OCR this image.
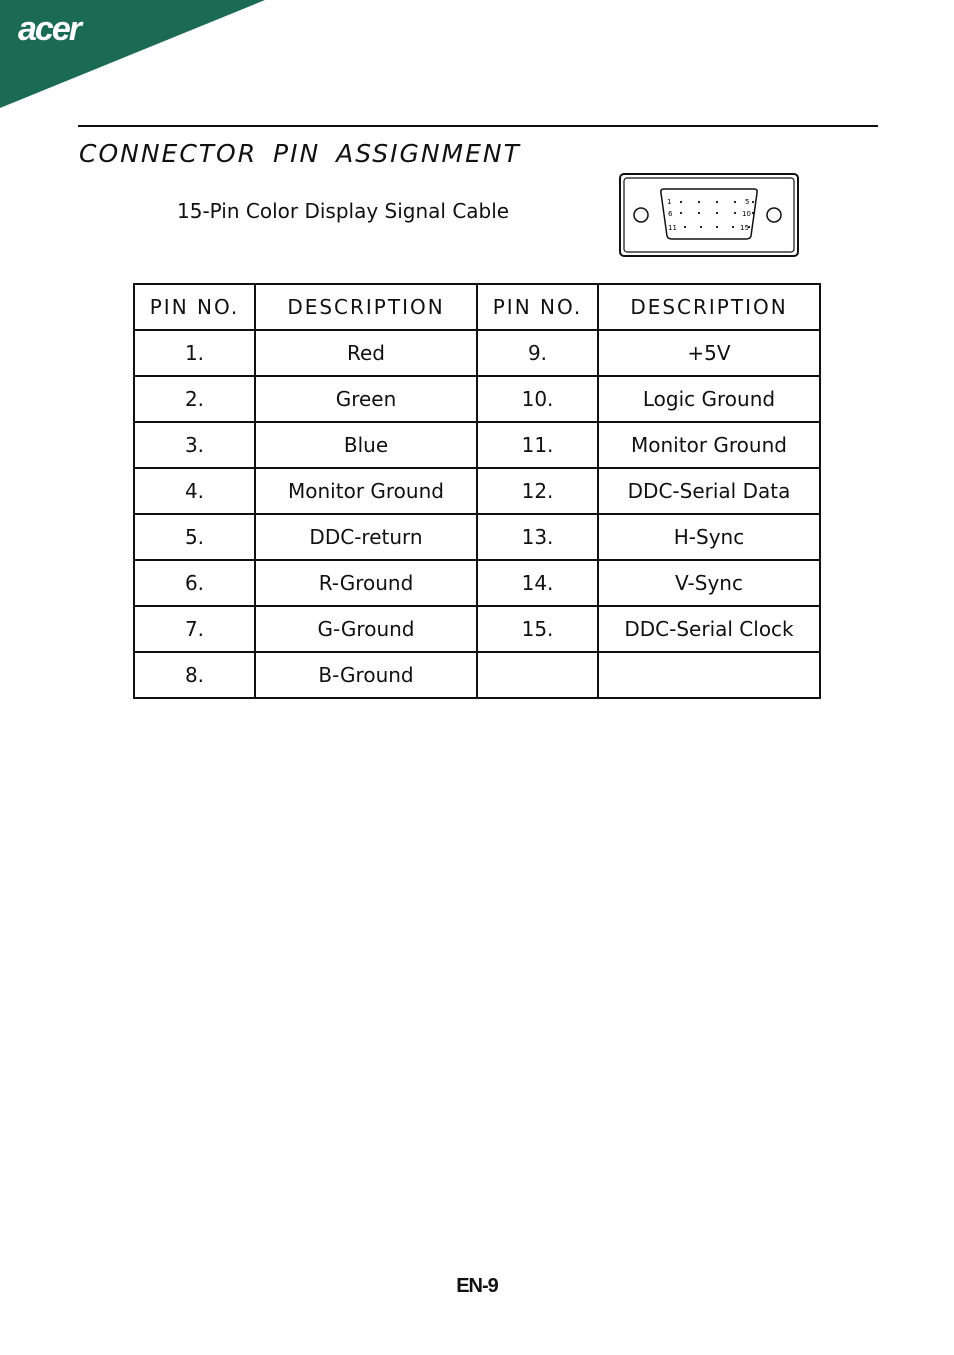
acer
CONNECTOR PIN ASSIGNMENT
15-Pin Color Display Signal Cable	1	5
6	10
11	15
PIN NO.	DESCRIPTION	PIN NO.	DESCRIPTION
1.	Red	9.	+5V
2.	Green	10.	Logic Ground
3.	Blue	11.	Monitor Ground
4.	Monitor Ground	12.	DDC-Serial Data
5.	DDC-return	13.	H-Sync
6.	R-Ground	14.	V-Sync
7.	G-Ground	15.	DDC-Serial Clock
8.	B-Ground		
EN-9
